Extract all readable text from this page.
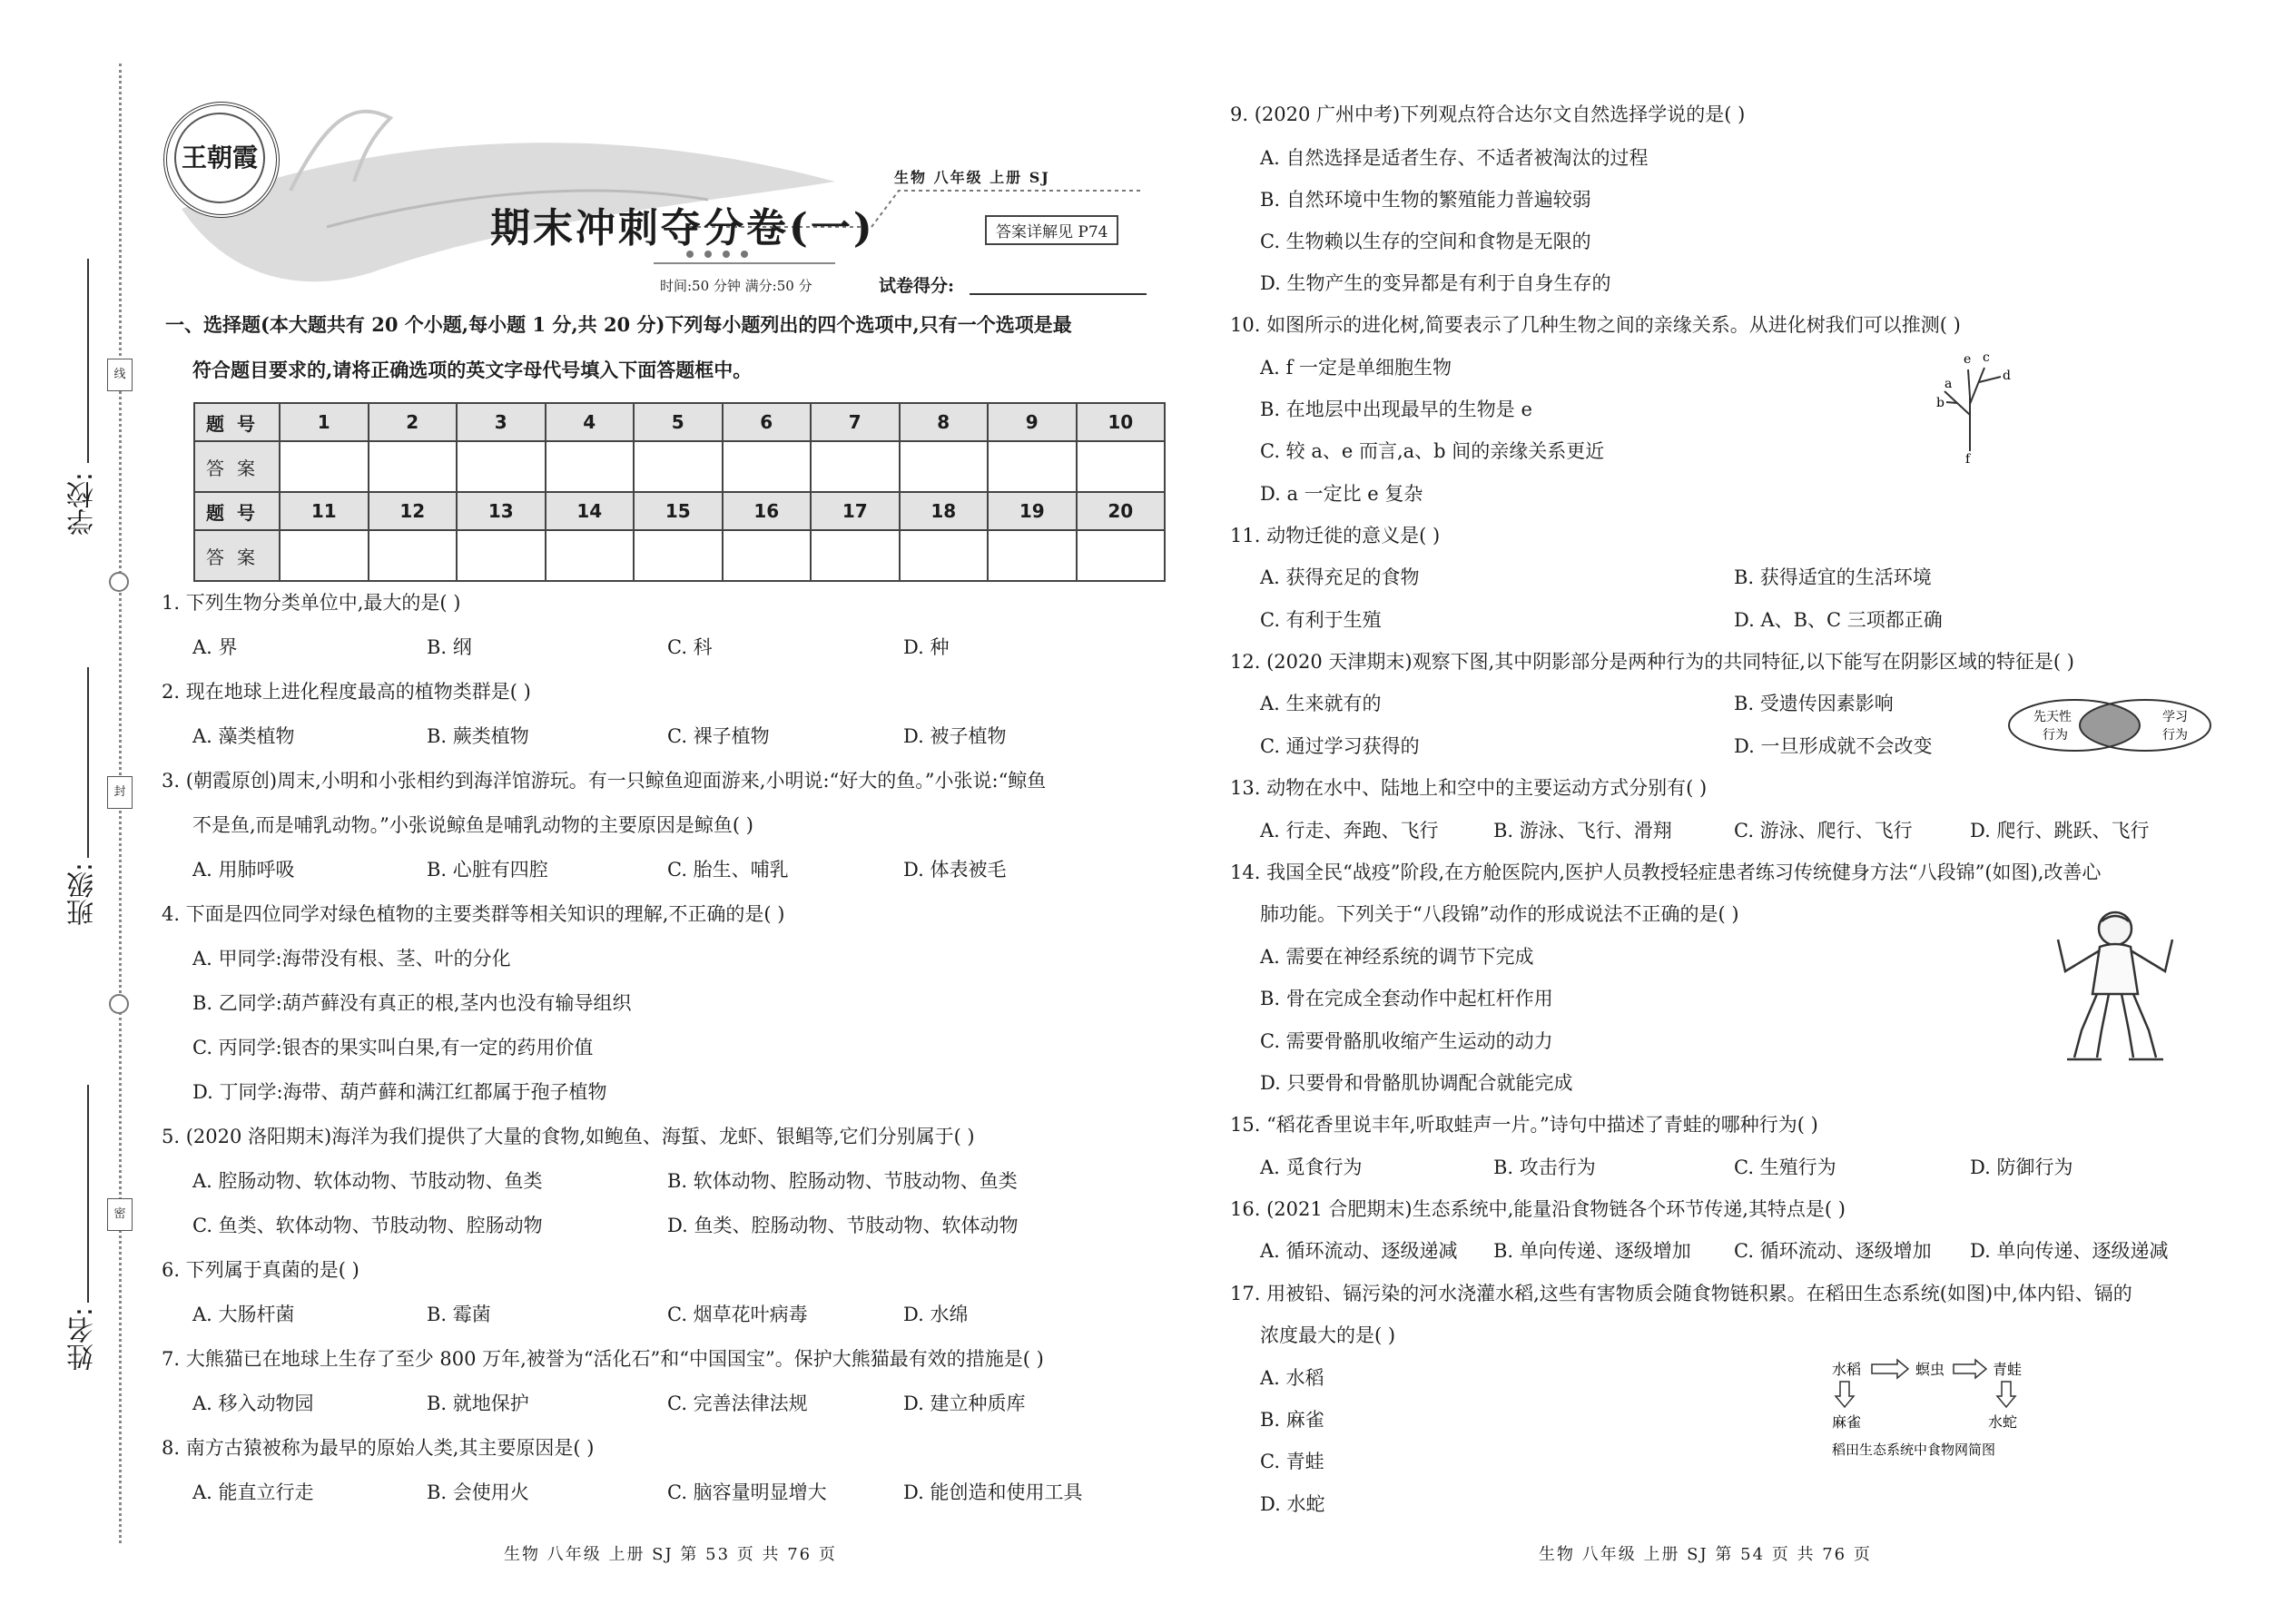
学校:
班级:
姓名:
线
封
密
王朝霞
生物 八年级 上册 SJ
期末冲刺夺分卷(一)	答案详解见 P74
时间:50 分钟 满分:50 分	试卷得分:
一、选择题(本大题共有 20 个小题,每小题 1 分,共 20 分)下列每小题列出的四个选项中,只有一个选项是最
符合题目要求的,请将正确选项的英文字母代号填入下面答题框中。
题号	1	2	3	4	5	6	7	8	9	10
答案										
题号	11	12	13	14	15	16	17	18	19	20
答案										
1. 下列生物分类单位中,最大的是( )
A. 界	B. 纲	C. 科	D. 种
2. 现在地球上进化程度最高的植物类群是( )
A. 藻类植物	B. 蕨类植物	C. 裸子植物	D. 被子植物
3. (朝霞原创)周末,小明和小张相约到海洋馆游玩。有一只鲸鱼迎面游来,小明说:“好大的鱼。”小张说:“鲸鱼
不是鱼,而是哺乳动物。”小张说鲸鱼是哺乳动物的主要原因是鲸鱼( )
A. 用肺呼吸	B. 心脏有四腔	C. 胎生、哺乳	D. 体表被毛
4. 下面是四位同学对绿色植物的主要类群等相关知识的理解,不正确的是( )
A. 甲同学:海带没有根、茎、叶的分化
B. 乙同学:葫芦藓没有真正的根,茎内也没有输导组织
C. 丙同学:银杏的果实叫白果,有一定的药用价值
D. 丁同学:海带、葫芦藓和满江红都属于孢子植物
5. (2020 洛阳期末)海洋为我们提供了大量的食物,如鲍鱼、海蜇、龙虾、银鲳等,它们分别属于( )
A. 腔肠动物、软体动物、节肢动物、鱼类	B. 软体动物、腔肠动物、节肢动物、鱼类
C. 鱼类、软体动物、节肢动物、腔肠动物	D. 鱼类、腔肠动物、节肢动物、软体动物
6. 下列属于真菌的是( )
A. 大肠杆菌	B. 霉菌	C. 烟草花叶病毒	D. 水绵
7. 大熊猫已在地球上生存了至少 800 万年,被誉为“活化石”和“中国国宝”。保护大熊猫最有效的措施是( )
A. 移入动物园	B. 就地保护	C. 完善法律法规	D. 建立种质库
8. 南方古猿被称为最早的原始人类,其主要原因是( )
A. 能直立行走	B. 会使用火	C. 脑容量明显增大	D. 能创造和使用工具
生物 八年级 上册 SJ 第 53 页 共 76 页
9. (2020 广州中考)下列观点符合达尔文自然选择学说的是( )
A. 自然选择是适者生存、不适者被淘汰的过程
B. 自然环境中生物的繁殖能力普遍较弱
C. 生物赖以生存的空间和食物是无限的
D. 生物产生的变异都是有利于自身生存的
10. 如图所示的进化树,简要表示了几种生物之间的亲缘关系。从进化树我们可以推测( )
A. f 一定是单细胞生物
B. 在地层中出现最早的生物是 e
C. 较 a、e 而言,a、b 间的亲缘关系更近
D. a 一定比 e 复杂
f
b
a
e c
d
11. 动物迁徙的意义是( )
A. 获得充足的食物	B. 获得适宜的生活环境
C. 有利于生殖	D. A、B、C 三项都正确
12. (2020 天津期末)观察下图,其中阴影部分是两种行为的共同特征,以下能写在阴影区域的特征是( )
A. 生来就有的	B. 受遗传因素影响
C. 通过学习获得的	D. 一旦形成就不会改变
先天性
行为
学习
行为
13. 动物在水中、陆地上和空中的主要运动方式分别有( )
A. 行走、奔跑、飞行	B. 游泳、飞行、滑翔	C. 游泳、爬行、飞行	D. 爬行、跳跃、飞行
14. 我国全民“战疫”阶段,在方舱医院内,医护人员教授轻症患者练习传统健身方法“八段锦”(如图),改善心
肺功能。下列关于“八段锦”动作的形成说法不正确的是( )
A. 需要在神经系统的调节下完成
B. 骨在完成全套动作中起杠杆作用
C. 需要骨骼肌收缩产生运动的动力
D. 只要骨和骨骼肌协调配合就能完成
15. “稻花香里说丰年,听取蛙声一片。”诗句中描述了青蛙的哪种行为( )
A. 觅食行为	B. 攻击行为	C. 生殖行为	D. 防御行为
16. (2021 合肥期末)生态系统中,能量沿食物链各个环节传递,其特点是( )
A. 循环流动、逐级递减 B. 单向传递、逐级增加 C. 循环流动、逐级增加 D. 单向传递、逐级递减
17. 用被铅、镉污染的河水浇灌水稻,这些有害物质会随食物链积累。在稻田生态系统(如图)中,体内铅、镉的
浓度最大的是( )
A. 水稻
B. 麻雀
C. 青蛙
D. 水蛇
水稻	螟虫	青蛙
麻雀	水蛇
稻田生态系统中食物网简图
生物 八年级 上册 SJ 第 54 页 共 76 页
